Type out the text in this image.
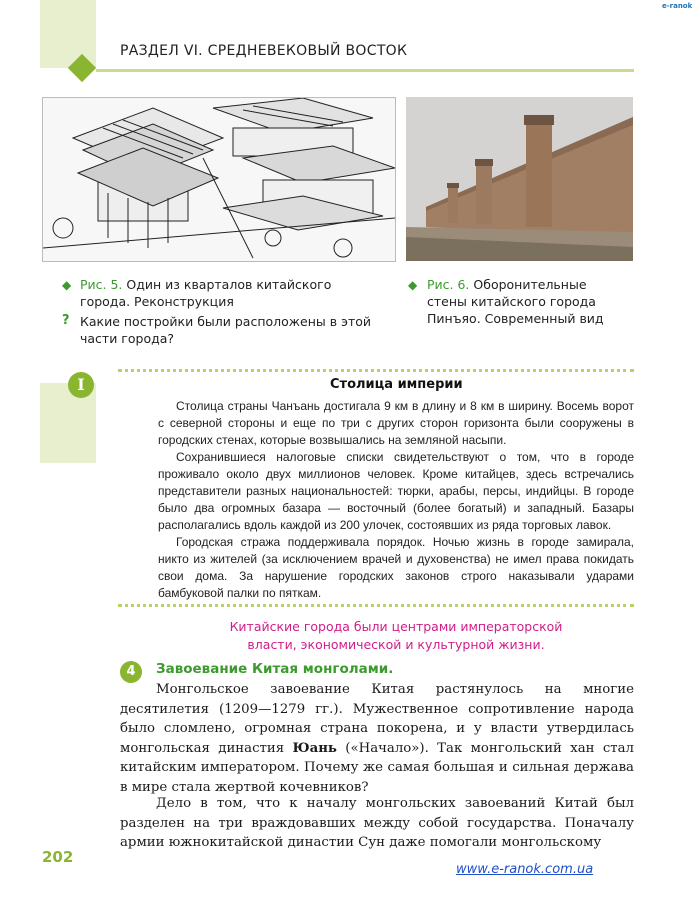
РАЗДЕЛ VI. СРЕДНЕВЕКОВЫЙ ВОСТОК
e-ranok
◆ Рис. 5. Один из кварталов китайского города. Реконструкция
? Какие постройки были расположены в этой части города?
◆ Рис. 6. Оборонительные стены китайского города Пинъяо. Современный вид
I	Столица империи

Столица страны Чанъань достигала 9 км в длину и 8 км в ширину. Восемь ворот с северной стороны и еще по три с других сторон горизонта были сооружены в городских стенах, которые возвышались на земляной насыпи.

Сохранившиеся налоговые списки свидетельствуют о том, что в городе проживало около двух миллионов человек. Кроме китайцев, здесь встречались представители разных национальностей: тюрки, арабы, персы, индийцы. В городе было два огромных базара — восточный (более богатый) и западный. Базары располагались вдоль каждой из 200 улочек, состоявших из ряда торговых лавок.

Городская стража поддерживала порядок. Ночью жизнь в городе замирала, никто из жителей (за исключением врачей и духовенства) не имел права покидать свои дома. За нарушение городских законов строго наказывали ударами бамбуковой палки по пяткам.

Китайские города были центрами императорской
власти, экономической и культурной жизни.
4	Завоевание Китая монголами.

Монгольское завоевание Китая растянулось на многие десятилетия (1209—1279 гг.). Мужественное сопротивление народа было сломлено, огромная страна покорена, и у власти утвердилась монгольская династия Юань («Начало»). Так монгольский хан стал китайским императором. Почему же самая большая и сильная держава в мире стала жертвой кочевников?

Дело в том, что к началу монгольских завоеваний Китай был разделен на три враждовавших между собой государства. Поначалу армии южнокитайской династии Сун даже помогали монгольскому

202
www.e-ranok.com.ua
